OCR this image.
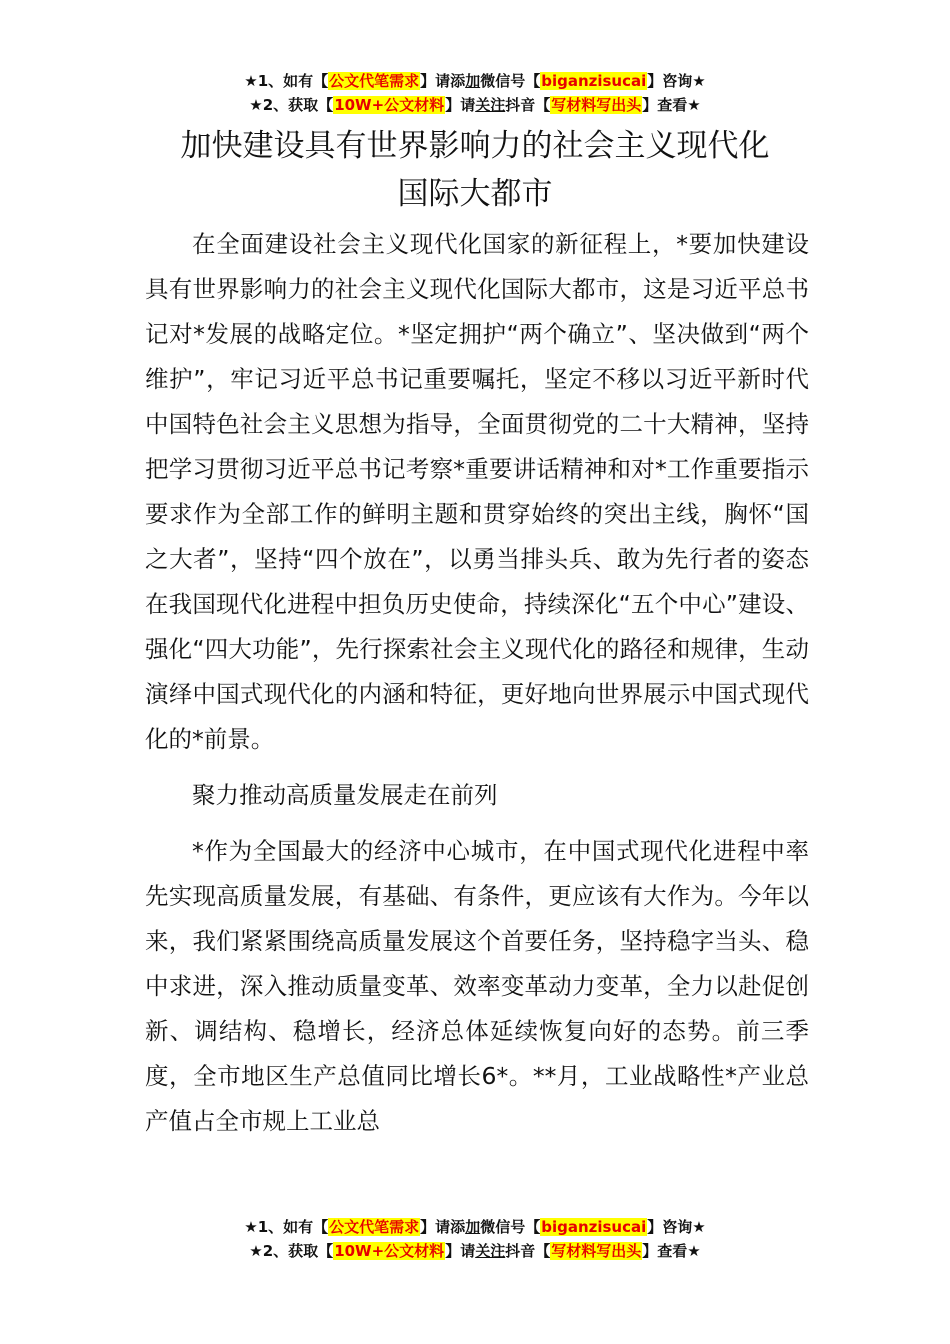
★1、如有【公文代笔需求】请添加微信号【biganzisucai】咨询★
★2、获取【10W+公文材料】请关注抖音【写材料写出头】查看★
加快建设具有世界影响力的社会主义现代化
国际大都市

在全面建设社会主义现代化国家的新征程上，*要加快建设具有世界影响力的社会主义现代化国际大都市，这是习近平总书记对*发展的战略定位。*坚定拥护“两个确立”、坚决做到“两个维护”，牢记习近平总书记重要嘱托，坚定不移以习近平新时代中国特色社会主义思想为指导，全面贯彻党的二十大精神，坚持把学习贯彻习近平总书记考察*重要讲话精神和对*工作重要指示要求作为全部工作的鲜明主题和贯穿始终的突出主线，胸怀“国之大者”，坚持“四个放在”，以勇当排头兵、敢为先行者的姿态在我国现代化进程中担负历史使命，持续深化“五个中心”建设、强化“四大功能”，先行探索社会主义现代化的路径和规律，生动演绎中国式现代化的内涵和特征，更好地向世界展示中国式现代化的*前景。

聚力推动高质量发展走在前列

*作为全国最大的经济中心城市，在中国式现代化进程中率先实现高质量发展，有基础、有条件，更应该有大作为。今年以来，我们紧紧围绕高质量发展这个首要任务，坚持稳字当头、稳中求进，深入推动质量变革、效率变革动力变革，全力以赴促创新、调结构、稳增长，经济总体延续恢复向好的态势。前三季度，全市地区生产总值同比增长6*。**月，工业战略性*产业总产值占全市规上工业总

★1、如有【公文代笔需求】请添加微信号【biganzisucai】咨询★
★2、获取【10W+公文材料】请关注抖音【写材料写出头】查看★
